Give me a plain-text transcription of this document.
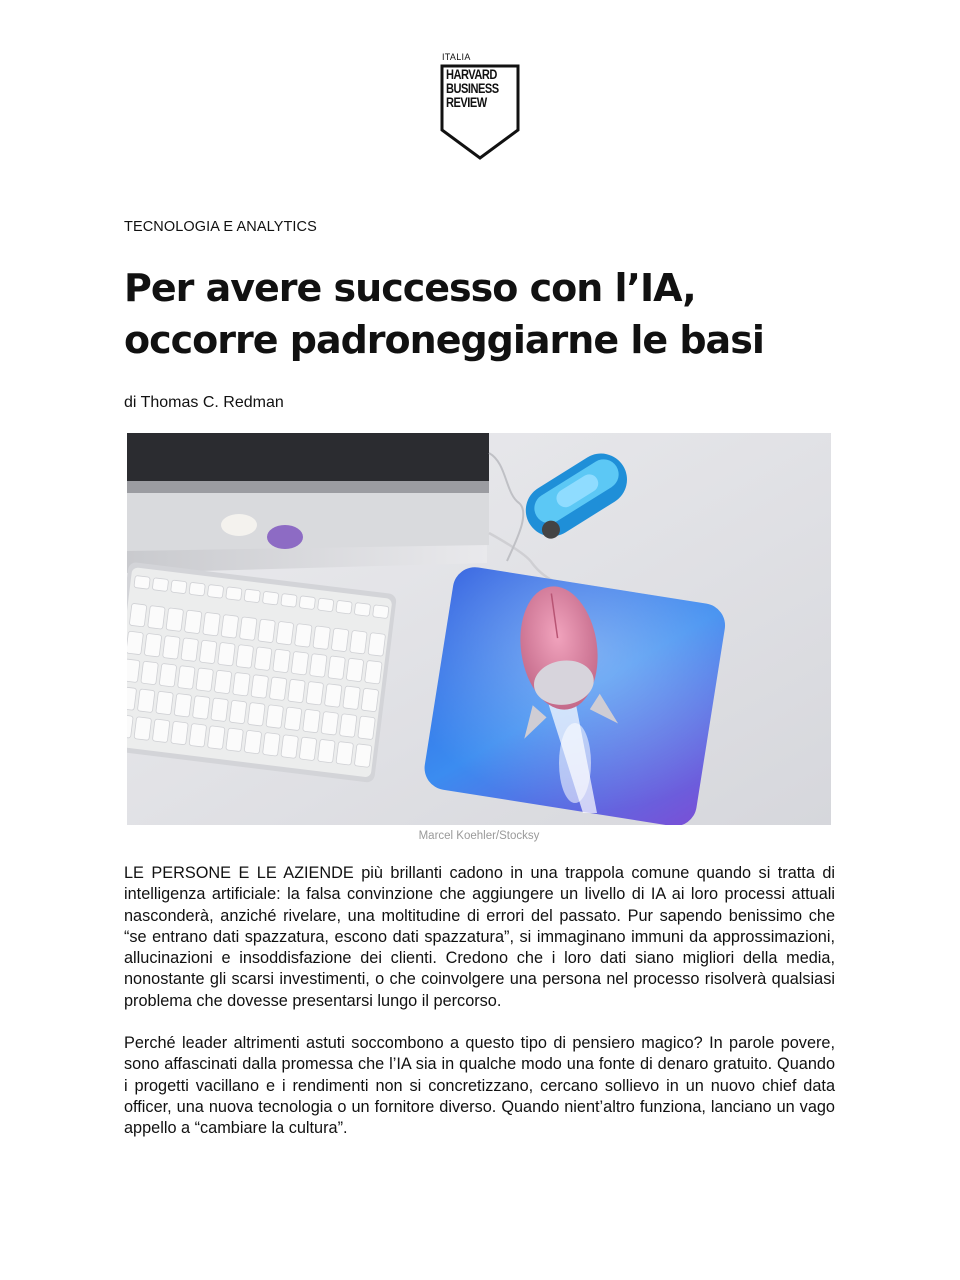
ITALIA
HARVARD
BUSINESS
REVIEW
TECNOLOGIA E ANALYTICS
Per avere successo con l’IA, occorre padroneggiarne le basi
di Thomas C. Redman
Marcel Koehler/Stocksy

LE PERSONE E LE AZIENDE più brillanti cadono in una trappola comune quando si tratta di intelligenza artificiale: la falsa convinzione che aggiungere un livello di IA ai loro processi attuali nasconderà, anziché rivelare, una moltitudine di errori del passato. Pur sapendo benissimo che “se entrano dati spazzatura, escono dati spazzatura”, si immaginano immuni da approssimazioni, allucinazioni e insoddisfazione dei clienti. Credono che i loro dati siano migliori della media, nonostante gli scarsi investimenti, o che coinvolgere una persona nel processo risolverà qualsiasi problema che dovesse presentarsi lungo il percorso.

Perché leader altrimenti astuti soccombono a questo tipo di pensiero magico? In parole povere, sono affascinati dalla promessa che l’IA sia in qualche modo una fonte di denaro gratuito. Quando i progetti vacillano e i rendimenti non si concretizzano, cercano sollievo in un nuovo chief data officer, una nuova tecnologia o un fornitore diverso. Quando nient’altro funziona, lanciano un vago appello a “cambiare la cultura”.
